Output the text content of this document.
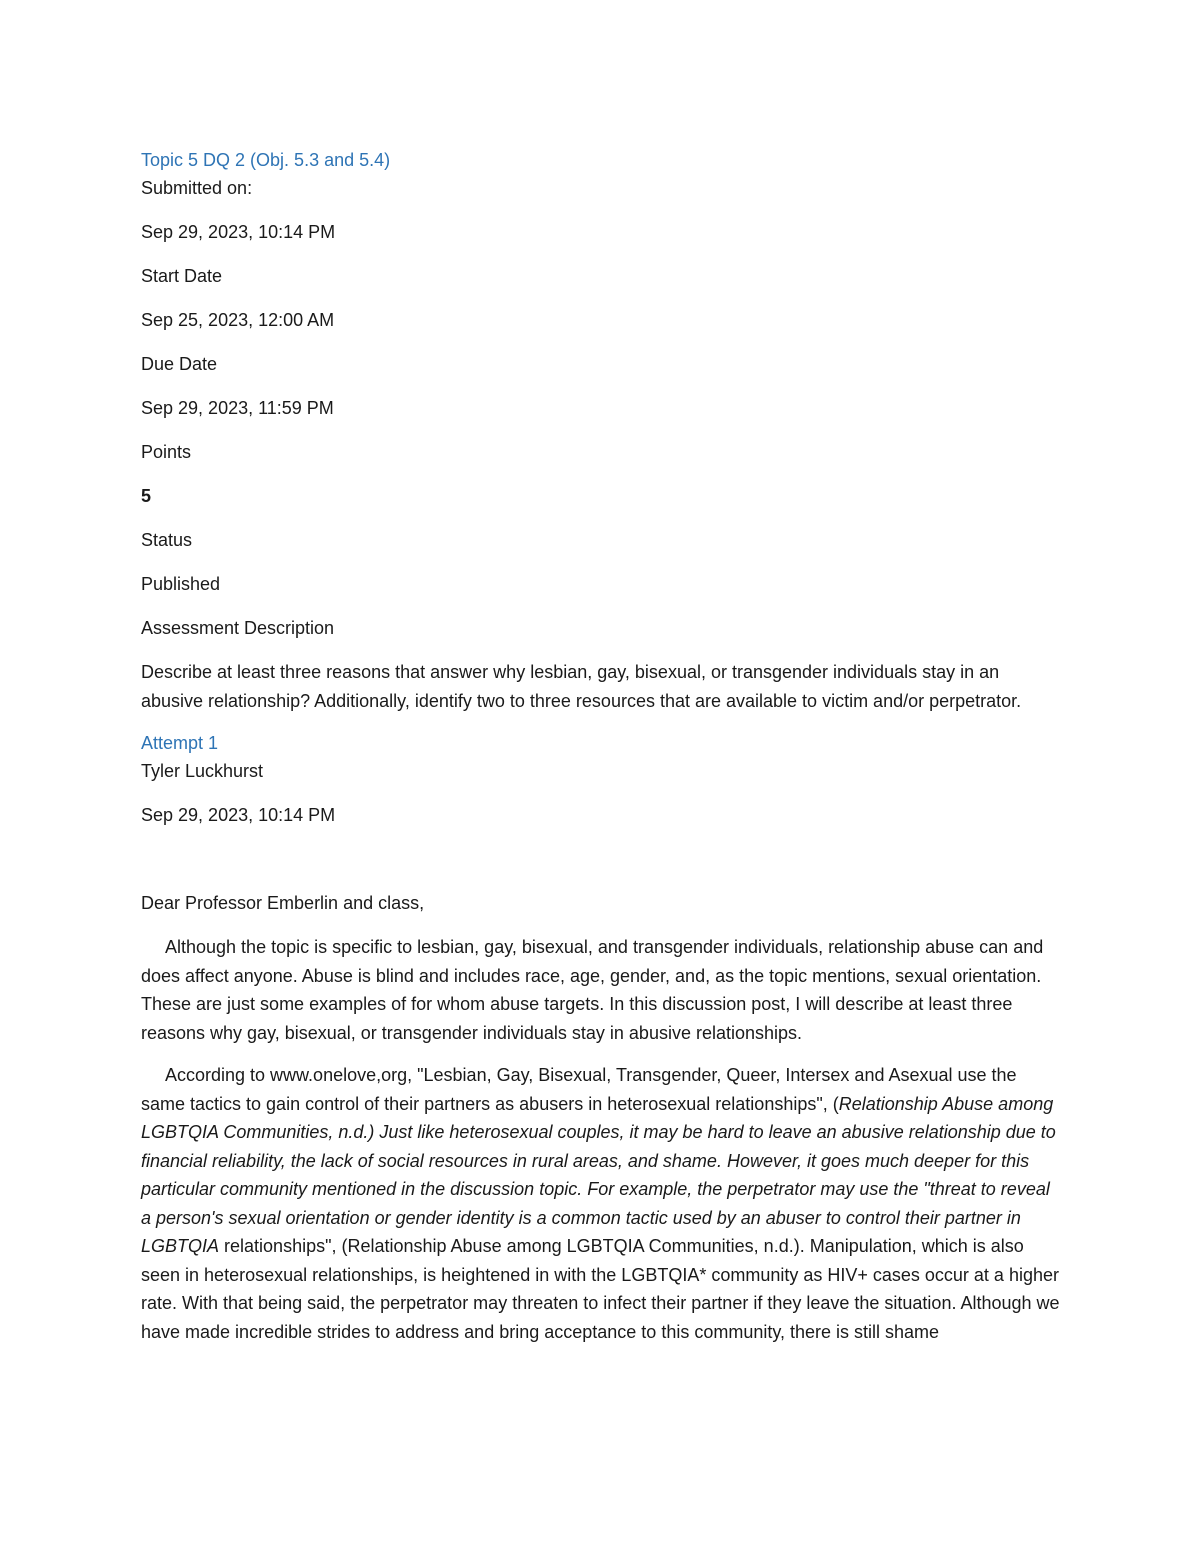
Topic 5 DQ 2 (Obj. 5.3 and 5.4)

Submitted on:

Sep 29, 2023, 10:14 PM

Start Date

Sep 25, 2023, 12:00 AM

Due Date

Sep 29, 2023, 11:59 PM

Points

5

Status

Published

Assessment Description

Describe at least three reasons that answer why lesbian, gay, bisexual, or transgender individuals stay in an abusive relationship? Additionally, identify two to three resources that are available to victim and/or perpetrator.

Attempt 1

Tyler Luckhurst

Sep 29, 2023, 10:14 PM

Dear Professor Emberlin and class,

Although the topic is specific to lesbian, gay, bisexual, and transgender individuals, relationship abuse can and does affect anyone. Abuse is blind and includes race, age, gender, and, as the topic mentions, sexual orientation. These are just some examples of for whom abuse targets. In this discussion post, I will describe at least three reasons why gay, bisexual, or transgender individuals stay in abusive relationships.

According to www.onelove,org, "Lesbian, Gay, Bisexual, Transgender, Queer, Intersex and Asexual use the same tactics to gain control of their partners as abusers in heterosexual relationships", (Relationship Abuse among LGBTQIA Communities, n.d.) Just like heterosexual couples, it may be hard to leave an abusive relationship due to financial reliability, the lack of social resources in rural areas, and shame. However, it goes much deeper for this particular community mentioned in the discussion topic. For example, the perpetrator may use the "threat to reveal a person's sexual orientation or gender identity is a common tactic used by an abuser to control their partner in LGBTQIA relationships", (Relationship Abuse among LGBTQIA Communities, n.d.). Manipulation, which is also seen in heterosexual relationships, is heightened in with the LGBTQIA* community as HIV+ cases occur at a higher rate. With that being said, the perpetrator may threaten to infect their partner if they leave the situation. Although we have made incredible strides to address and bring acceptance to this community, there is still shame
